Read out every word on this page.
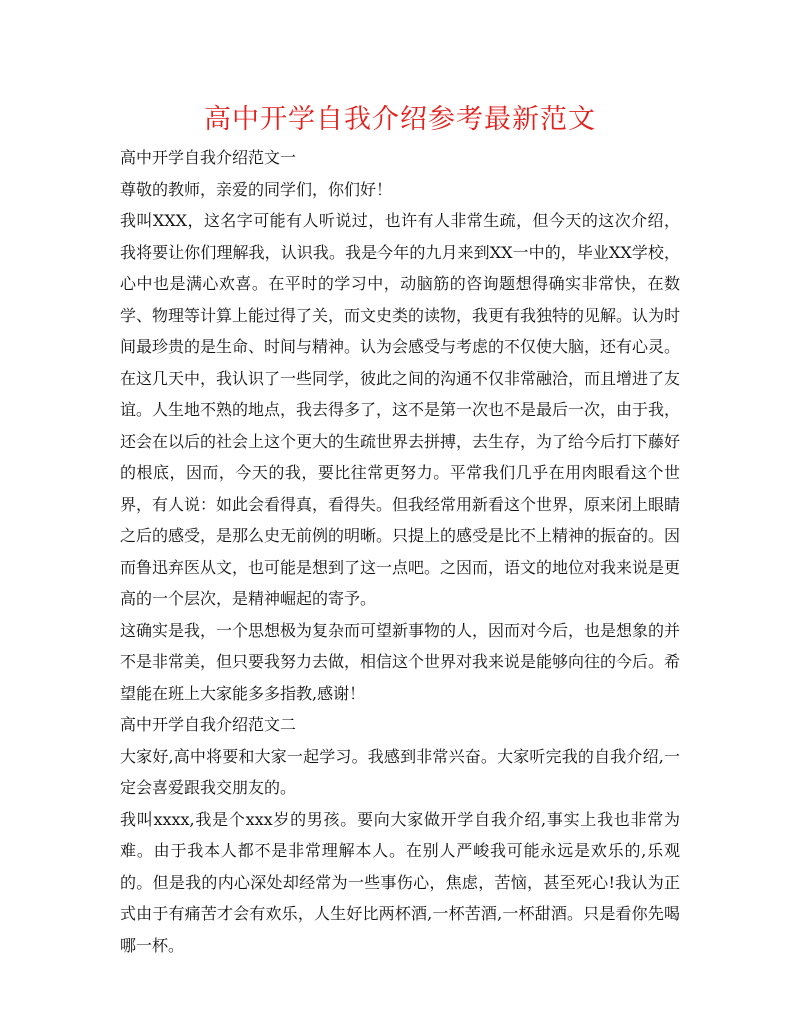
高中开学自我介绍参考最新范文

高中开学自我介绍范文一

尊敬的教师，亲爱的同学们，你们好！

我叫XXX，这名字可能有人听说过，也许有人非常生疏，但今天的这次介绍，我将要让你们理解我，认识我。我是今年的九月来到XX一中的，毕业XX学校，心中也是满心欢喜。在平时的学习中，动脑筋的咨询题想得确实非常快，在数学、物理等计算上能过得了关，而文史类的读物，我更有我独特的见解。认为时间最珍贵的是生命、时间与精神。认为会感受与考虑的不仅使大脑，还有心灵。在这几天中，我认识了一些同学，彼此之间的沟通不仅非常融洽，而且增进了友谊。人生地不熟的地点，我去得多了，这不是第一次也不是最后一次，由于我，还会在以后的社会上这个更大的生疏世界去拼搏，去生存，为了给今后打下藤好的根底，因而，今天的我，要比往常更努力。平常我们几乎在用肉眼看这个世界，有人说：如此会看得真，看得失。但我经常用新看这个世界，原来闭上眼睛之后的感受，是那么史无前例的明晰。只提上的感受是比不上精神的振奋的。因而鲁迅弃医从文，也可能是想到了这一点吧。之因而，语文的地位对我来说是更高的一个层次，是精神崛起的寄予。

这确实是我，一个思想极为复杂而可望新事物的人，因而对今后，也是想象的并不是非常美，但只要我努力去做，相信这个世界对我来说是能够向往的今后。希望能在班上大家能多多指教,感谢！

高中开学自我介绍范文二

大家好,高中将要和大家一起学习。我感到非常兴奋。大家听完我的自我介绍,一定会喜爱跟我交朋友的。

我叫xxxx,我是个xxx岁的男孩。要向大家做开学自我介绍,事实上我也非常为难。由于我本人都不是非常理解本人。在别人严峻我可能永远是欢乐的,乐观的。但是我的内心深处却经常为一些事伤心，焦虑，苦恼，甚至死心!我认为正式由于有痛苦才会有欢乐，人生好比两杯酒,一杯苦酒,一杯甜酒。只是看你先喝哪一杯。
